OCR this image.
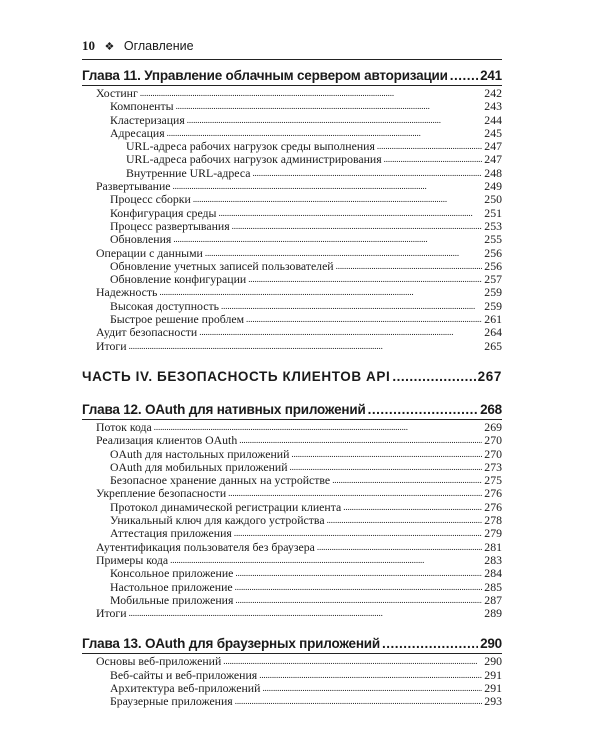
10 ❖ Оглавление
Глава 11. Управление облачным сервером авторизации ..... 241
Хостинг . . .	242
Компоненты . . .	243
Кластеризация . . .	244
Адресация . . .	245
URL-адреса рабочих нагрузок среды выполнения . . .	247
URL-адреса рабочих нагрузок администрирования . . .	247
Внутренние URL-адреса . . .	248
Развертывание . . .	249
Процесс сборки . . .	250
Конфигурация среды . . .	251
Процесс развертывания . . .	253
Обновления . . .	255
Операции с данными . . .	256
Обновление учетных записей пользователей . . .	256
Обновление конфигурации . . .	257
Надежность . . .	259
Высокая доступность . . .	259
Быстрое решение проблем . . .	261
Аудит безопасности . . .	264
Итоги . . .	265
ЧАСТЬ IV. БЕЗОПАСНОСТЬ КЛИЕНТОВ API .....	267
Глава 12. OAuth для нативных приложений .....	268
Поток кода . . .	269
Реализация клиентов OAuth . . .	270
OAuth для настольных приложений . . .	270
OAuth для мобильных приложений . . .	273
Безопасное хранение данных на устройстве . . .	275
Укрепление безопасности . . .	276
Протокол динамической регистрации клиента . . .	276
Уникальный ключ для каждого устройства . . .	278
Аттестация приложения . . .	279
Аутентификация пользователя без браузера . . .	281
Примеры кода . . .	283
Консольное приложение . . .	284
Настольное приложение . . .	285
Мобильные приложения . . .	287
Итоги . . .	289
Глава 13. OAuth для браузерных приложений .....	290
Основы веб-приложений . . .	290
Веб-сайты и веб-приложения . . .	291
Архитектура веб-приложений . . .	291
Браузерные приложения . . .	293
